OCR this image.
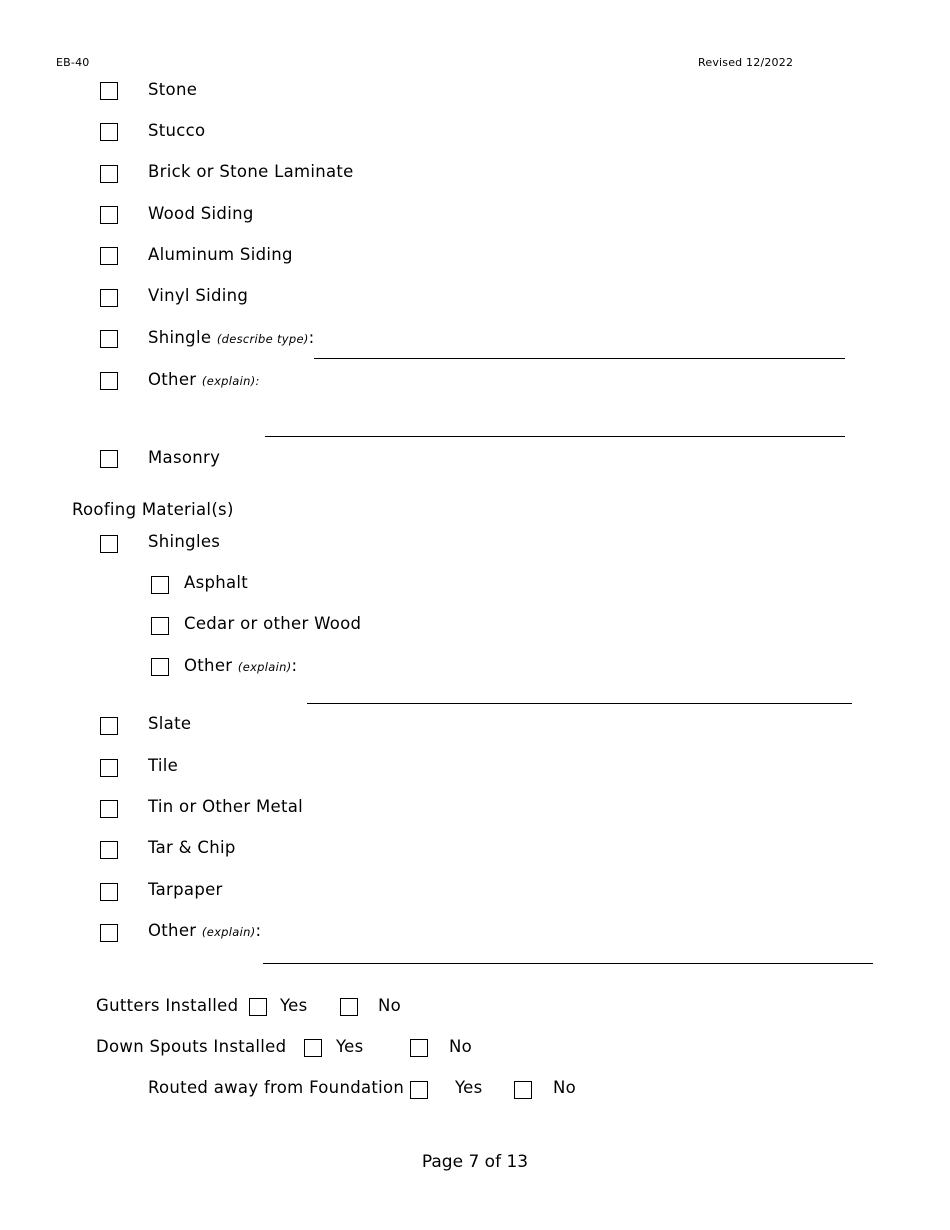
EB-40	Revised 12/2022
Stone
Stucco
Brick or Stone Laminate
Wood Siding
Aluminum Siding
Vinyl Siding
Shingle (describe type):
Other (explain):
Masonry
Roofing Material(s)
Shingles
Asphalt
Cedar or other Wood
Other (explain):
Slate
Tile
Tin or Other Metal
Tar & Chip
Tarpaper
Other (explain):
Gutters Installed	Yes	No
Down Spouts Installed	Yes	No
Routed away from Foundation	Yes	No
Page 7 of 13
